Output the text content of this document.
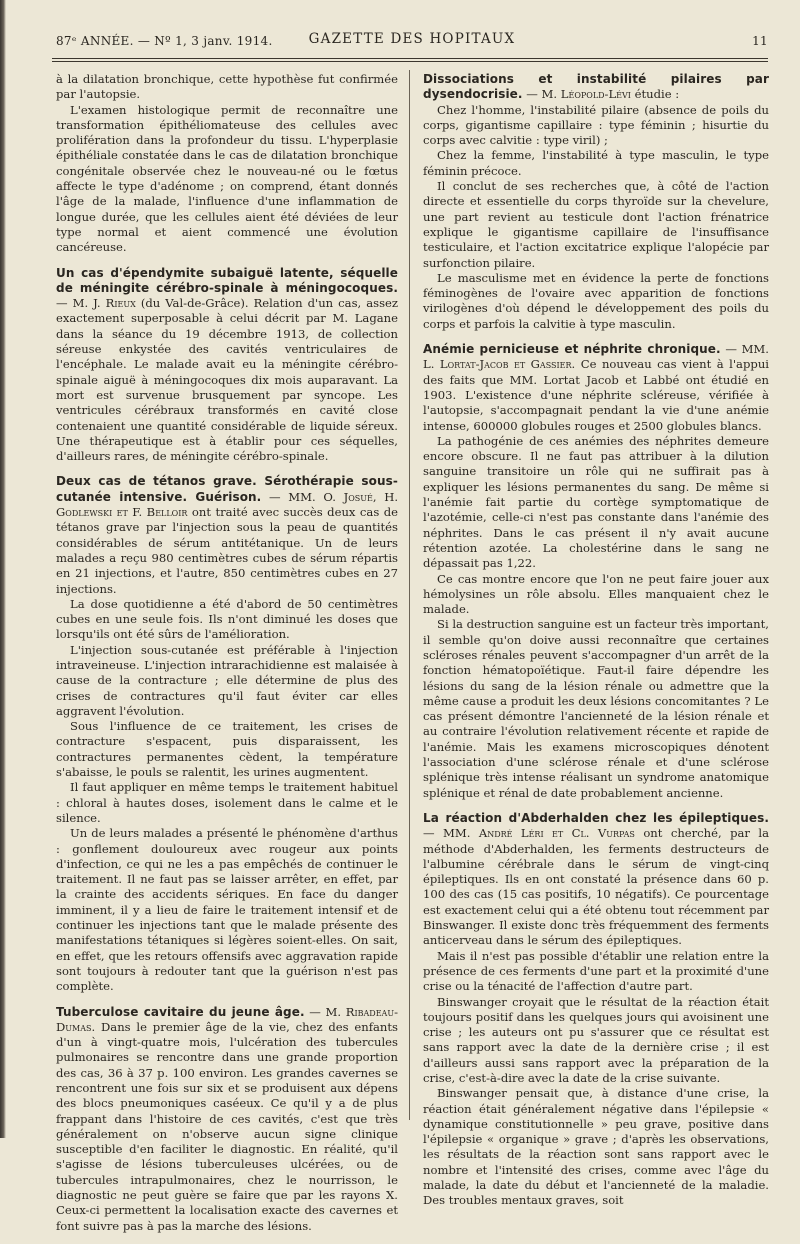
87ᵉ ANNÉE. — Nº 1, 3 janv. 1914.	GAZETTE DES HOPITAUX	11

à la dilatation bronchique, cette hypothèse fut confirmée par l'autopsie.

L'examen histologique permit de reconnaître une transformation épithéliomateuse des cellules avec prolifération dans la profondeur du tissu. L'hyperplasie épithéliale constatée dans le cas de dilatation bronchique congénitale observée chez le nouveau-né ou le fœtus affecte le type d'adénome ; on comprend, étant donnés l'âge de la malade, l'influence d'une inflammation de longue durée, que les cellules aient été déviées de leur type normal et aient commencé une évolution cancéreuse.

Un cas d'épendymite subaiguë latente, séquelle de méningite cérébro-spinale à méningocoques. — M. J. Rieux (du Val-de-Grâce). Relation d'un cas, assez exactement superposable à celui décrit par M. Lagane dans la séance du 19 décembre 1913, de collection séreuse enkystée des cavités ventriculaires de l'encéphale. Le malade avait eu la méningite cérébro-spinale aiguë à méningocoques dix mois auparavant. La mort est survenue brusquement par syncope. Les ventricules cérébraux transformés en cavité close contenaient une quantité considérable de liquide séreux. Une thérapeutique est à établir pour ces séquelles, d'ailleurs rares, de méningite cérébro-spinale.

Deux cas de tétanos grave. Sérothérapie sous-cutanée intensive. Guérison. — MM. O. Josué, H. Godlewski et F. Belloir ont traité avec succès deux cas de tétanos grave par l'injection sous la peau de quantités considérables de sérum antitétanique. Un de leurs malades a reçu 980 centimètres cubes de sérum répartis en 21 injections, et l'autre, 850 centimètres cubes en 27 injections.

La dose quotidienne a été d'abord de 50 centimètres cubes en une seule fois. Ils n'ont diminué les doses que lorsqu'ils ont été sûrs de l'amélioration.

L'injection sous-cutanée est préférable à l'injection intraveineuse. L'injection intrarachidienne est malaisée à cause de la contracture ; elle détermine de plus des crises de contractures qu'il faut éviter car elles aggravent l'évolution.

Sous l'influence de ce traitement, les crises de contracture s'espacent, puis disparaissent, les contractures permanentes cèdent, la température s'abaisse, le pouls se ralentit, les urines augmentent.

Il faut appliquer en même temps le traitement habituel : chloral à hautes doses, isolement dans le calme et le silence.

Un de leurs malades a présenté le phénomène d'arthus : gonflement douloureux avec rougeur aux points d'infection, ce qui ne les a pas empêchés de continuer le traitement. Il ne faut pas se laisser arrêter, en effet, par la crainte des accidents sériques. En face du danger imminent, il y a lieu de faire le traitement intensif et de continuer les injections tant que le malade présente des manifestations tétaniques si légères soient-elles. On sait, en effet, que les retours offensifs avec aggravation rapide sont toujours à redouter tant que la guérison n'est pas complète.

Tuberculose cavitaire du jeune âge. — M. Ribadeau-Dumas. Dans le premier âge de la vie, chez des enfants d'un à vingt-quatre mois, l'ulcération des tubercules pulmonaires se rencontre dans une grande proportion des cas, 36 à 37 p. 100 environ. Les grandes cavernes se rencontrent une fois sur six et se produisent aux dépens des blocs pneumoniques caséeux. Ce qu'il y a de plus frappant dans l'histoire de ces cavités, c'est que très généralement on n'observe aucun signe clinique susceptible d'en faciliter le diagnostic. En réalité, qu'il s'agisse de lésions tuberculeuses ulcérées, ou de tubercules intrapulmonaires, chez le nourrisson, le diagnostic ne peut guère se faire que par les rayons X. Ceux-ci permettent la localisation exacte des cavernes et font suivre pas à pas la marche des lésions.

Dissociations et instabilité pilaires par dysendocrisie. — M. Léopold-Lévi étudie :

Chez l'homme, l'instabilité pilaire (absence de poils du corps, gigantisme capillaire : type féminin ; hisurtie du corps avec calvitie : type viril) ;

Chez la femme, l'instabilité à type masculin, le type féminin précoce.

Il conclut de ses recherches que, à côté de l'action directe et essentielle du corps thyroïde sur la chevelure, une part revient au testicule dont l'action frénatrice explique le gigantisme capillaire de l'insuffisance testiculaire, et l'action excitatrice explique l'alopécie par surfonction pilaire.

Le masculisme met en évidence la perte de fonctions féminogènes de l'ovaire avec apparition de fonctions virilogènes d'où dépend le développement des poils du corps et parfois la calvitie à type masculin.

Anémie pernicieuse et néphrite chronique. — MM. L. Lortat-Jacob et Gassier. Ce nouveau cas vient à l'appui des faits que MM. Lortat Jacob et Labbé ont étudié en 1903. L'existence d'une néphrite scléreuse, vérifiée à l'autopsie, s'accompagnait pendant la vie d'une anémie intense, 600000 globules rouges et 2500 globules blancs.

La pathogénie de ces anémies des néphrites demeure encore obscure. Il ne faut pas attribuer à la dilution sanguine transitoire un rôle qui ne suffirait pas à expliquer les lésions permanentes du sang. De même si l'anémie fait partie du cortège symptomatique de l'azotémie, celle-ci n'est pas constante dans l'anémie des néphrites. Dans le cas présent il n'y avait aucune rétention azotée. La cholestérine dans le sang ne dépassait pas 1,22.

Ce cas montre encore que l'on ne peut faire jouer aux hémolysines un rôle absolu. Elles manquaient chez le malade.

Si la destruction sanguine est un facteur très important, il semble qu'on doive aussi reconnaître que certaines scléroses rénales peuvent s'accompagner d'un arrêt de la fonction hématopoïétique. Faut-il faire dépendre les lésions du sang de la lésion rénale ou admettre que la même cause a produit les deux lésions concomitantes ? Le cas présent démontre l'ancienneté de la lésion rénale et au contraire l'évolution relativement récente et rapide de l'anémie. Mais les examens microscopiques dénotent l'association d'une sclérose rénale et d'une sclérose splénique très intense réalisant un syndrome anatomique splénique et rénal de date probablement ancienne.

La réaction d'Abderhalden chez les épileptiques. — MM. André Léri et Cl. Vurpas ont cherché, par la méthode d'Abderhalden, les ferments destructeurs de l'albumine cérébrale dans le sérum de vingt-cinq épileptiques. Ils en ont constaté la présence dans 60 p. 100 des cas (15 cas positifs, 10 négatifs). Ce pourcentage est exactement celui qui a été obtenu tout récemment par Binswanger. Il existe donc très fréquemment des ferments anticerveau dans le sérum des épileptiques.

Mais il n'est pas possible d'établir une relation entre la présence de ces ferments d'une part et la proximité d'une crise ou la ténacité de l'affection d'autre part.

Binswanger croyait que le résultat de la réaction était toujours positif dans les quelques jours qui avoisinent une crise ; les auteurs ont pu s'assurer que ce résultat est sans rapport avec la date de la dernière crise ; il est d'ailleurs aussi sans rapport avec la préparation de la crise, c'est-à-dire avec la date de la crise suivante.

Binswanger pensait que, à distance d'une crise, la réaction était généralement négative dans l'épilepsie « dynamique constitutionnelle » peu grave, positive dans l'épilepsie « organique » grave ; d'après les observations, les résultats de la réaction sont sans rapport avec le nombre et l'intensité des crises, comme avec l'âge du malade, la date du début et l'ancienneté de la maladie. Des troubles mentaux graves, soit
